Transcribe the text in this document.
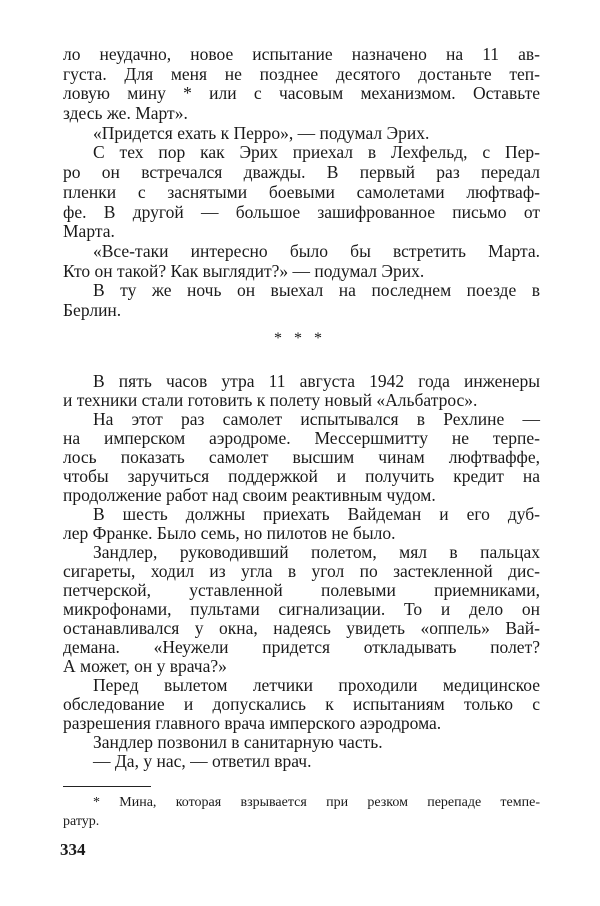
ло неудачно, новое испытание назначено на 11 ав-
густа. Для меня не позднее десятого достаньте теп-
ловую мину * или с часовым механизмом. Оставьте
здесь же. Март».
«Придется ехать к Перро», — подумал Эрих.
С тех пор как Эрих приехал в Лехфельд, с Пер-
ро он встречался дважды. В первый раз передал
пленки с заснятыми боевыми самолетами люфтваф-
фе. В другой — большое зашифрованное письмо от
Марта.
«Все-таки интересно было бы встретить Марта.
Кто он такой? Как выглядит?» — подумал Эрих.
В ту же ночь он выехал на последнем поезде в
Берлин.
* * *
В пять часов утра 11 августа 1942 года инженеры
и техники стали готовить к полету новый «Альбатрос».
На этот раз самолет испытывался в Рехлине —
на имперском аэродроме. Мессершмитту не терпе-
лось показать самолет высшим чинам люфтваффе,
чтобы заручиться поддержкой и получить кредит на
продолжение работ над своим реактивным чудом.
В шесть должны приехать Вайдеман и его дуб-
лер Франке. Было семь, но пилотов не было.
Зандлер, руководивший полетом, мял в пальцах
сигареты, ходил из угла в угол по застекленной дис-
петчерской, уставленной полевыми приемниками,
микрофонами, пультами сигнализации. То и дело он
останавливался у окна, надеясь увидеть «оппель» Вай-
демана. «Неужели придется откладывать полет?
А может, он у врача?»
Перед вылетом летчики проходили медицинское
обследование и допускались к испытаниям только с
разрешения главного врача имперского аэродрома.
Зандлер позвонил в санитарную часть.
— Да, у нас, — ответил врач.
* Мина, которая взрывается при резком перепаде темпе-
ратур.
334
